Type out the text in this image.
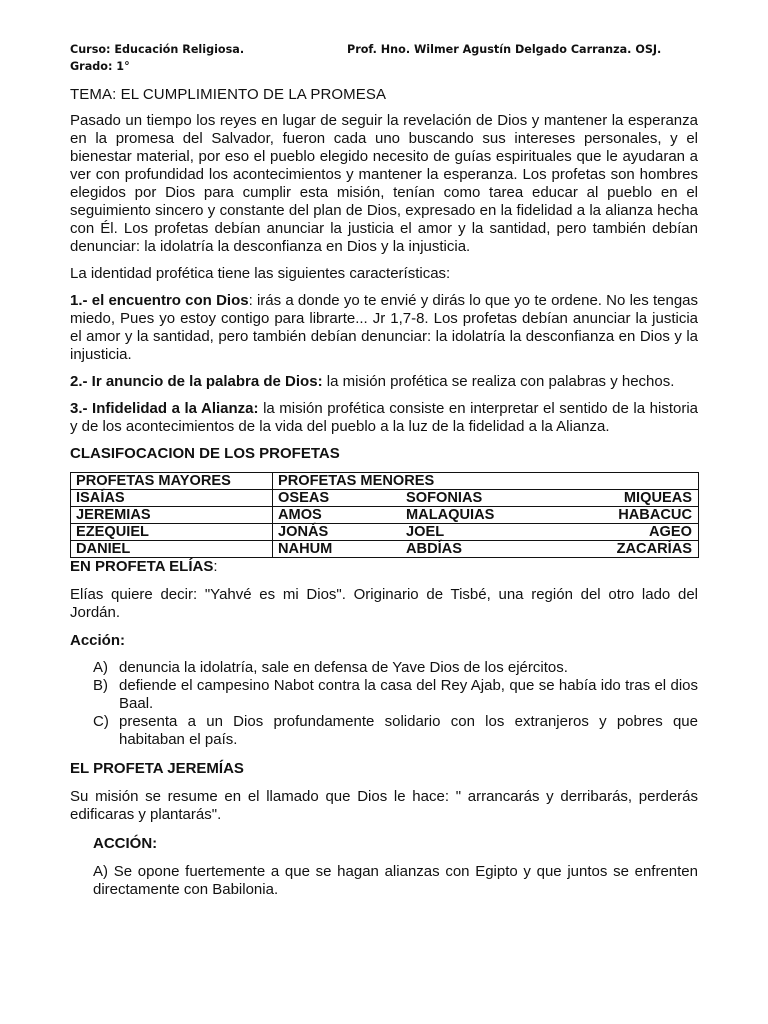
Curso: Educación Religiosa.	Prof. Hno. Wilmer Agustín Delgado Carranza. OSJ.
Grado: 1°
TEMA: EL CUMPLIMIENTO DE LA PROMESA

Pasado un tiempo los reyes en lugar de seguir la revelación de Dios y mantener la esperanza en la promesa del Salvador, fueron cada uno buscando sus intereses personales, y el bienestar material, por eso el pueblo elegido necesito de guías espirituales que le ayudaran a ver con profundidad los acontecimientos y mantener la esperanza. Los profetas son hombres elegidos por Dios para cumplir esta misión, tenían como tarea educar al pueblo en el seguimiento sincero y constante del plan de Dios, expresado en la fidelidad a la alianza hecha con Él. Los profetas debían anunciar la justicia el amor y la santidad, pero también debían denunciar: la idolatría la desconfianza en Dios y la injusticia.

La identidad profética tiene las siguientes características:

1.- el encuentro con Dios: irás a donde yo te envié y dirás lo que yo te ordene. No les tengas miedo, Pues yo estoy contigo para librarte... Jr 1,7-8. Los profetas debían anunciar la justicia el amor y la santidad, pero también debían denunciar: la idolatría la desconfianza en Dios y la injusticia.

2.- Ir anuncio de la palabra de Dios: la misión profética se realiza con palabras y hechos.

3.- Infidelidad a la Alianza: la misión profética consiste en interpretar el sentido de la historia y de los acontecimientos de la vida del pueblo a la luz de la fidelidad a la Alianza.

CLASIFOCACION DE LOS PROFETAS
PROFETAS MAYORES	PROFETAS MENORES
ISAÍAS	OSEAS SOFONIAS MIQUEAS

JEREMIAS	AMOS MALAQUIAS HABACUC

EZEQUIEL	JONÁS JOEL AGEO

DANIEL	NAHUM ABDÍAS ZACARÍAS
EN PROFETA ELÍAS:

Elías quiere decir: "Yahvé es mi Dios". Originario de Tisbé, una región del otro lado del Jordán.

Acción:
A) denuncia la idolatría, sale en defensa de Yave Dios de los ejércitos.
B) defiende el campesino Nabot contra la casa del Rey Ajab, que se había ido tras el dios Baal.
C) presenta a un Dios profundamente solidario con los extranjeros y pobres que habitaban el país.
EL PROFETA JEREMÍAS

Su misión se resume en el llamado que Dios le hace: " arrancarás y derribarás, perderás edificaras y plantarás".

ACCIÓN:

A) Se opone fuertemente a que se hagan alianzas con Egipto y que juntos se enfrenten directamente con Babilonia.
